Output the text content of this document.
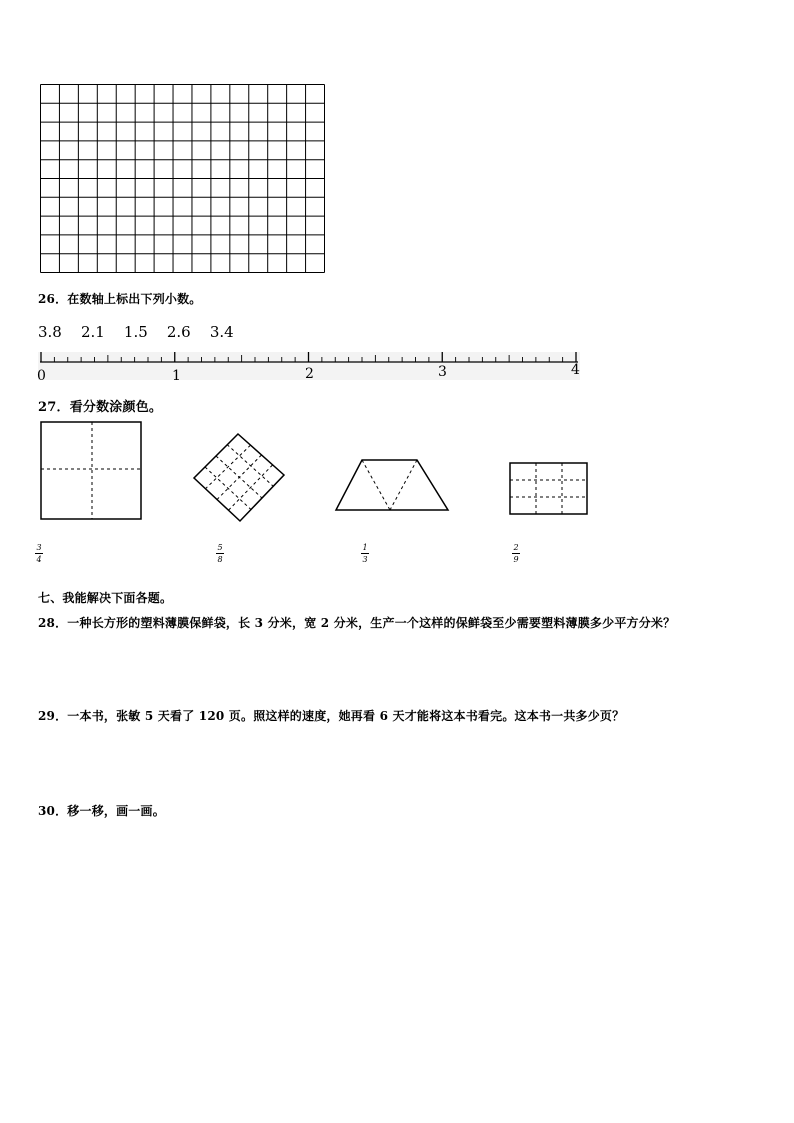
26．在数轴上标出下列小数。
3.8 2.1 1.5 2.6 3.4
0	1	2	3	4
27．看分数涂颜色。
3
4
5
8
1
3
2
9
七、我能解决下面各题。
28．一种长方形的塑料薄膜保鲜袋，长 3 分米，宽 2 分米，生产一个这样的保鲜袋至少需要塑料薄膜多少平方分米？
29．一本书，张敏 5 天看了 120 页。照这样的速度，她再看 6 天才能将这本书看完。这本书一共多少页？
30．移一移，画一画。
